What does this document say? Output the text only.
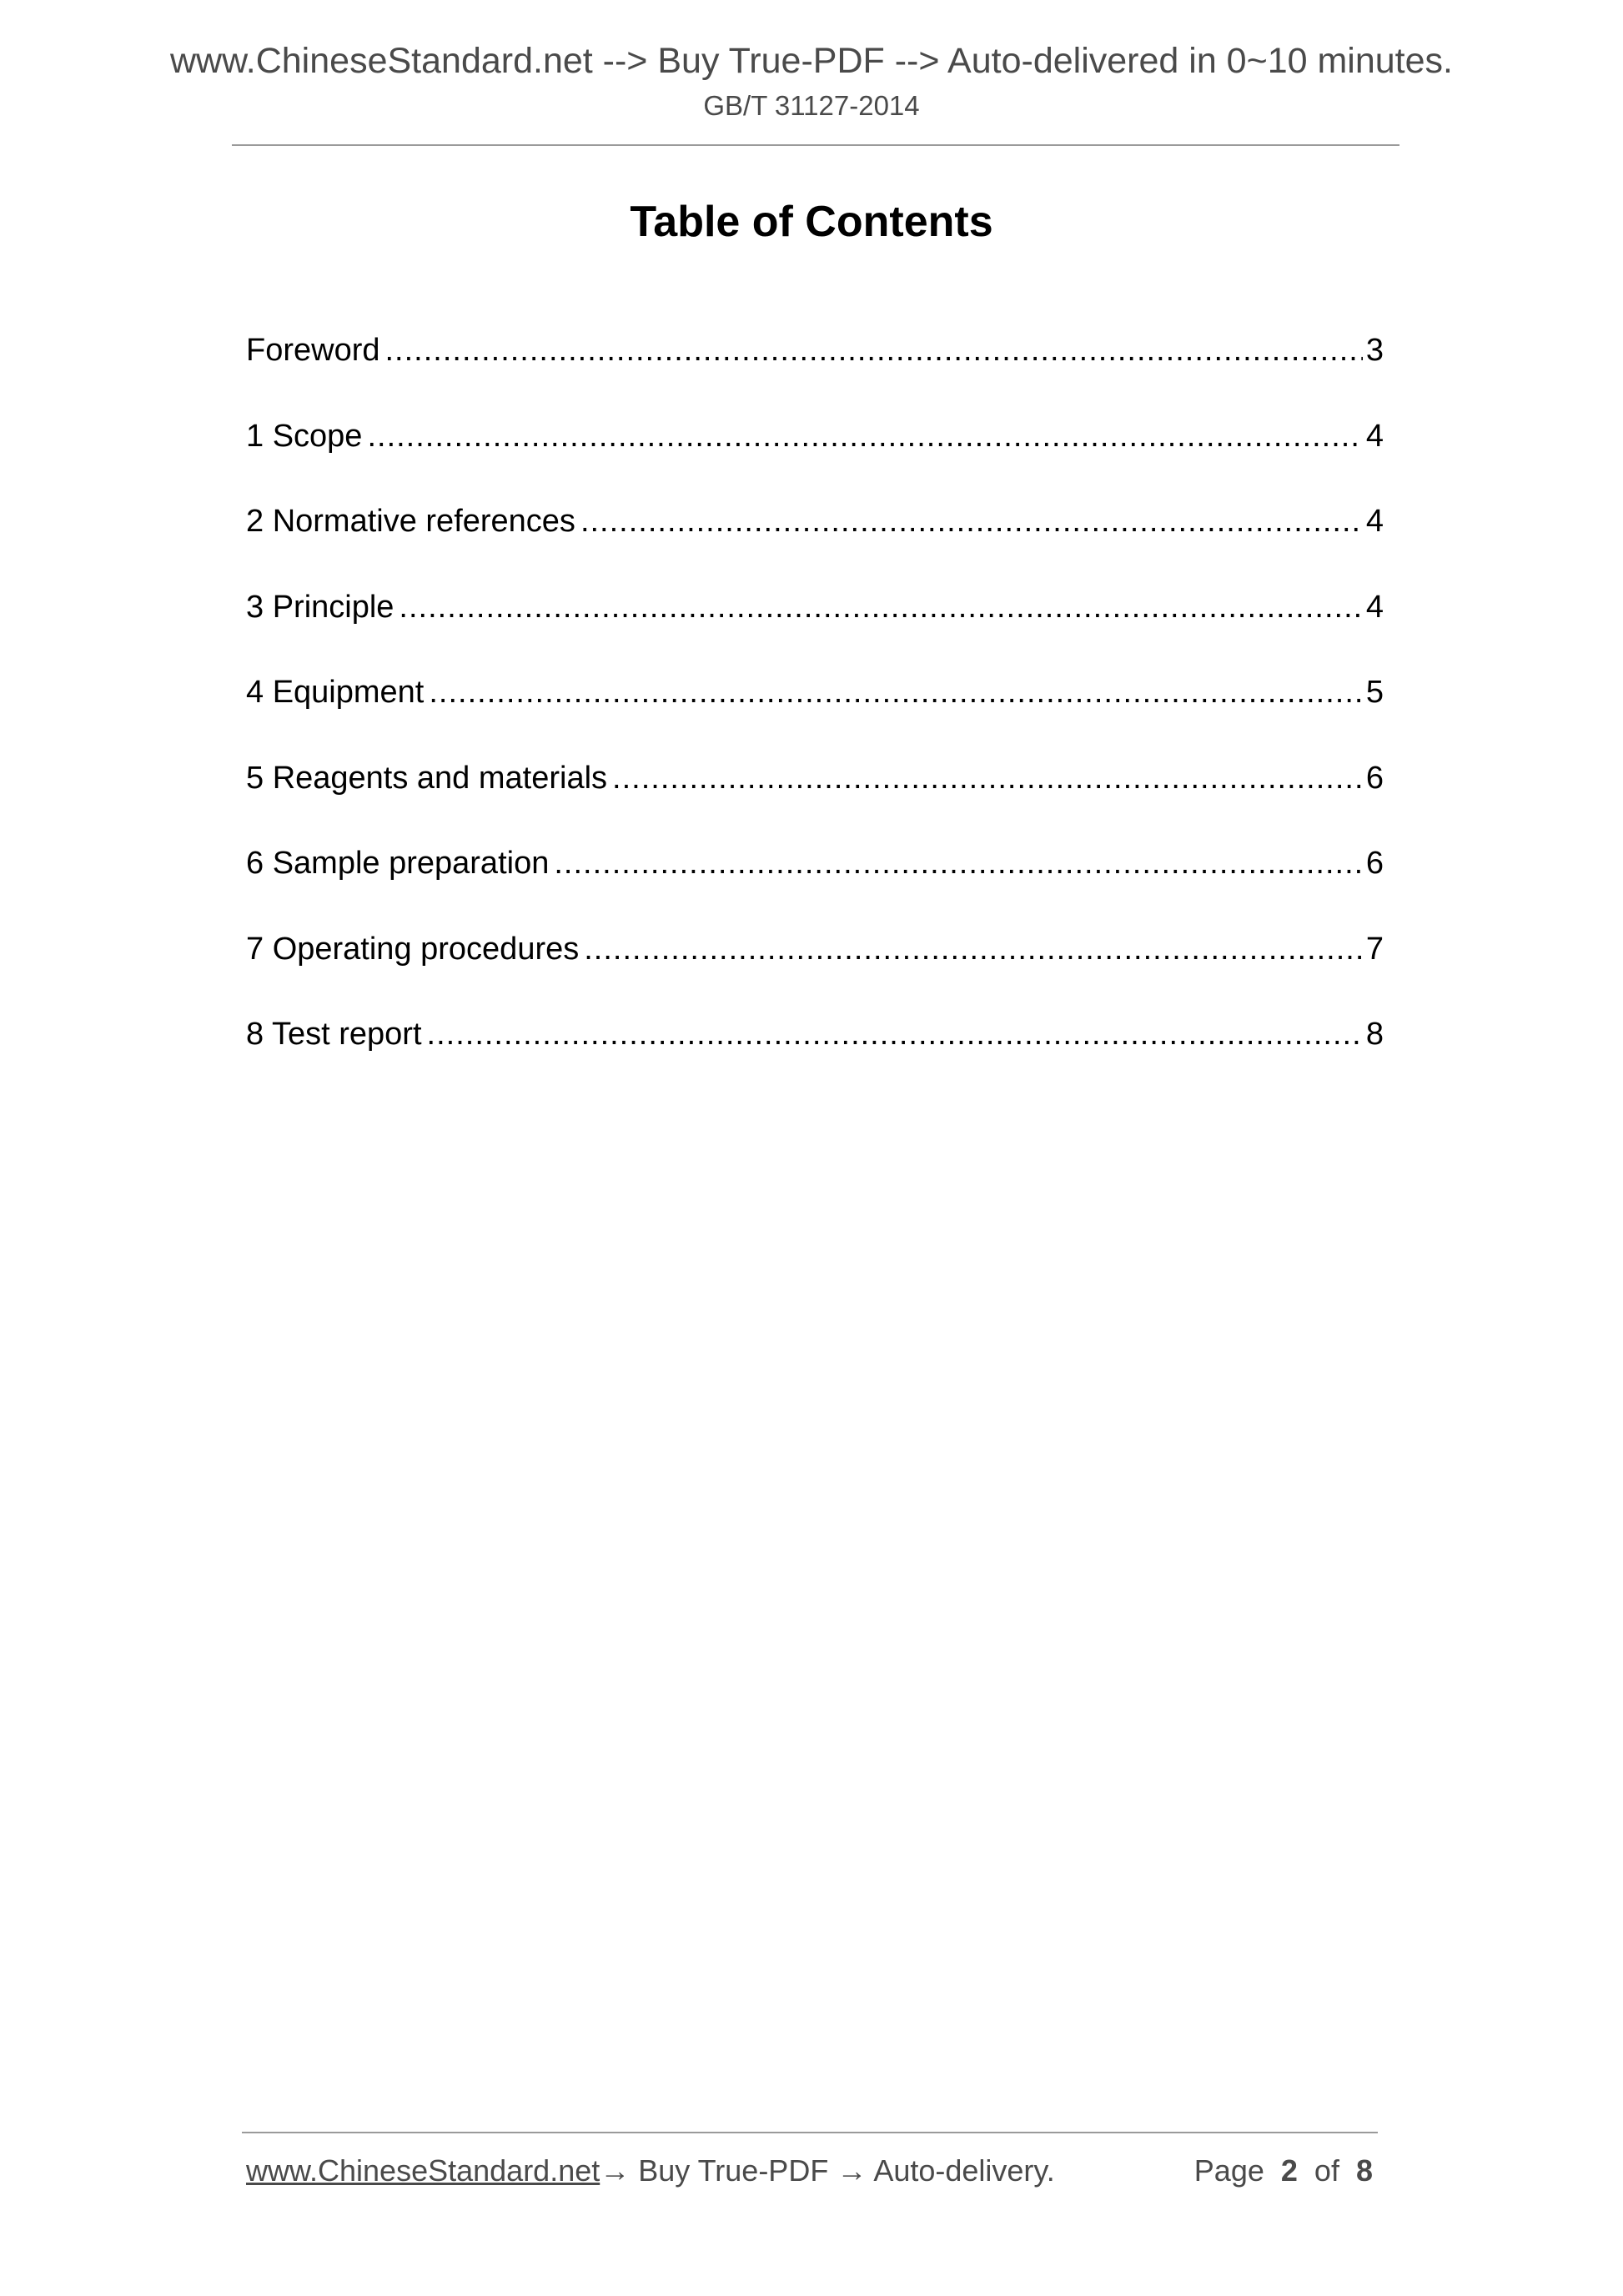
www.ChineseStandard.net --> Buy True-PDF --> Auto-delivered in 0~10 minutes.
GB/T 31127-2014
Table of Contents
Foreword .....	3
1 Scope .....	4
2 Normative references .....	4
3 Principle .....	4
4 Equipment .....	5
5 Reagents and materials .....	6
6 Sample preparation .....	6
7 Operating procedures .....	7
8 Test report .....	8
www.ChineseStandard.net→ Buy True-PDF → Auto-delivery.	Page 2 of 8
